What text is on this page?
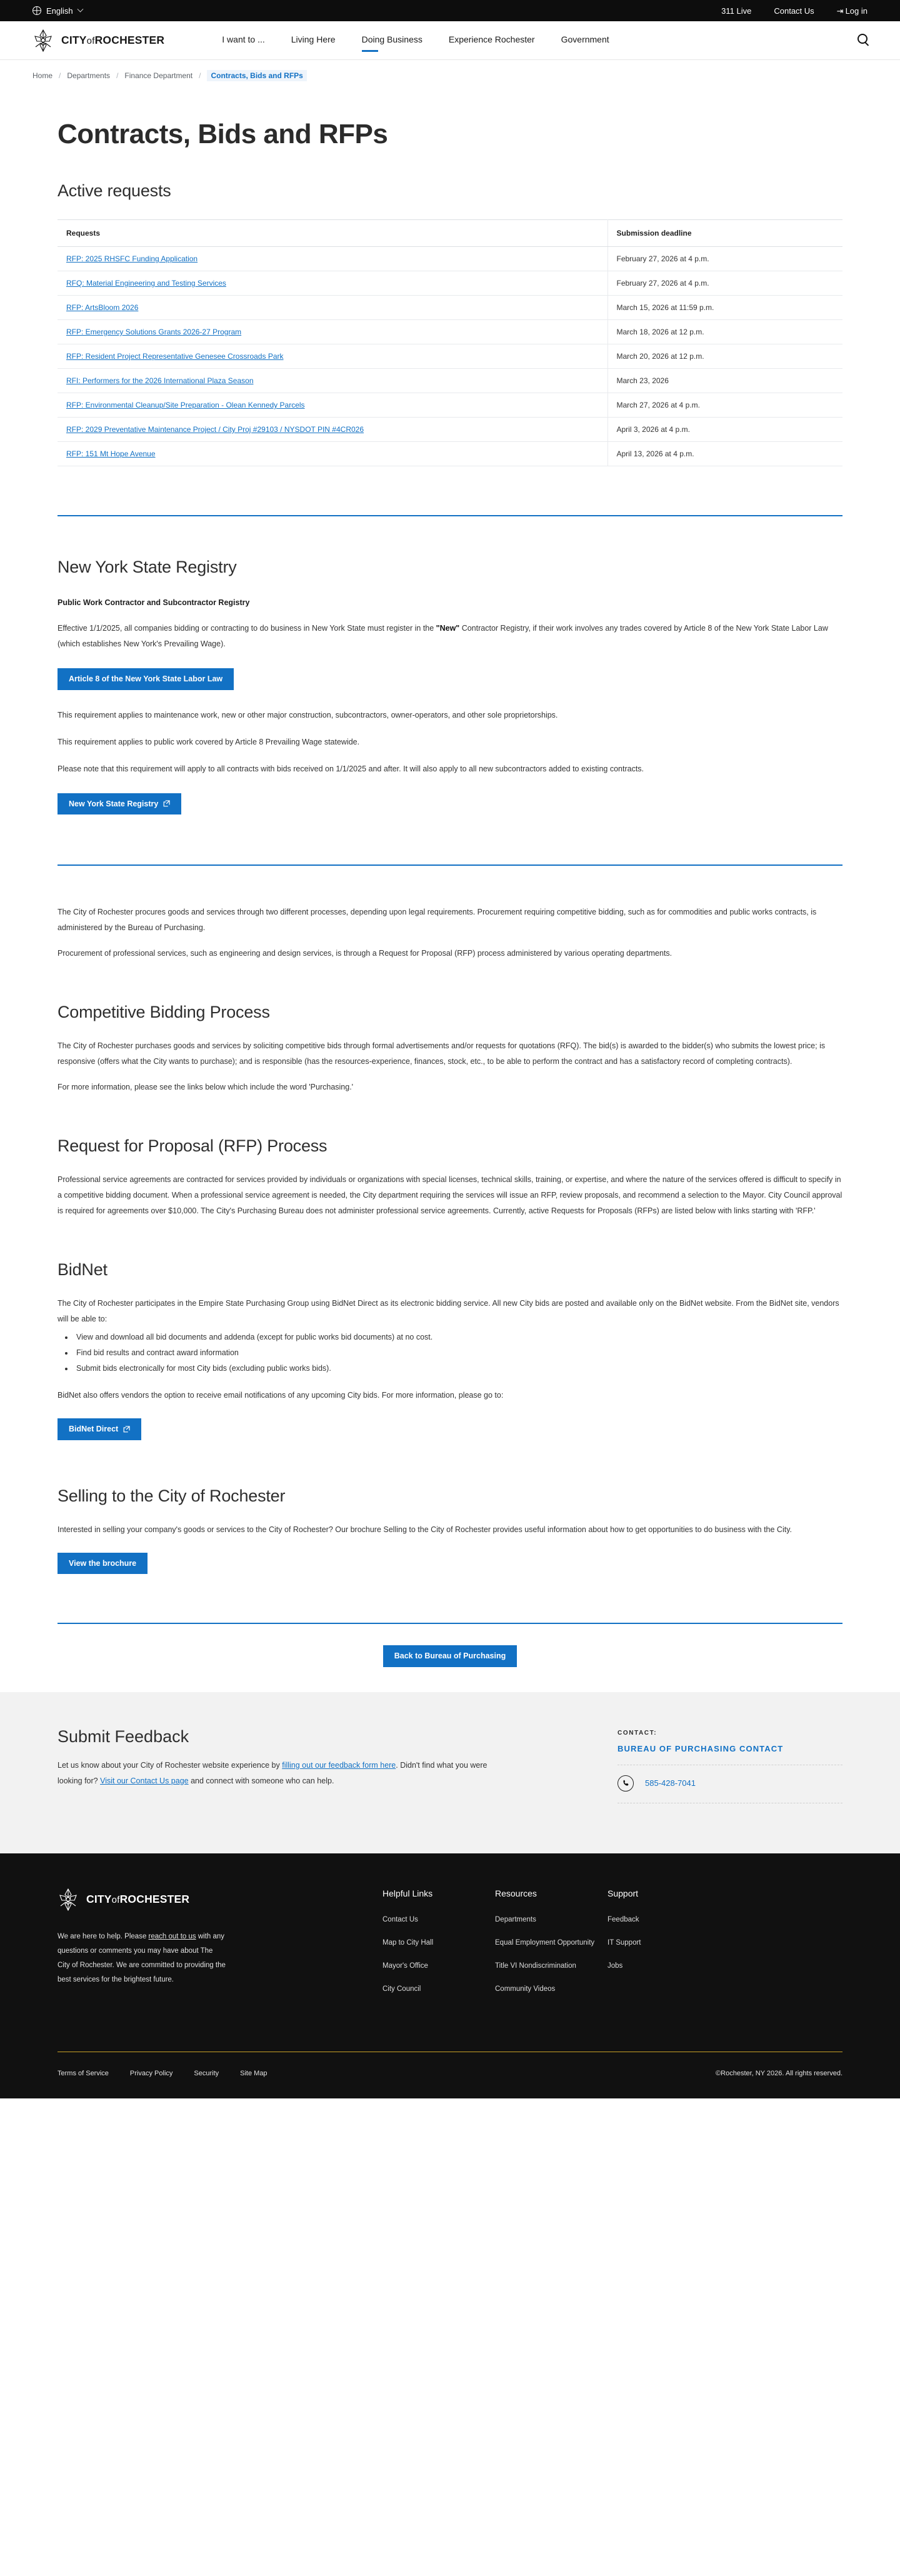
English	311 Live	Contact Us	⇥ Log in
CITYofROCHESTER	I want to ...	Living Here	Doing Business	Experience Rochester	Government
Home / Departments / Finance Department /	Contracts, Bids and RFPs
Contracts, Bids and RFPs
Active requests
Requests	Submission deadline
RFP: 2025 RHSFC Funding Application	February 27, 2026 at 4 p.m.
RFQ: Material Engineering and Testing Services	February 27, 2026 at 4 p.m.
RFP: ArtsBloom 2026	March 15, 2026 at 11:59 p.m.
RFP: Emergency Solutions Grants 2026-27 Program	March 18, 2026 at 12 p.m.
RFP: Resident Project Representative Genesee Crossroads Park	March 20, 2026 at 12 p.m.
RFI: Performers for the 2026 International Plaza Season	March 23, 2026
RFP: Environmental Cleanup/Site Preparation - Olean Kennedy Parcels	March 27, 2026 at 4 p.m.
RFP: 2029 Preventative Maintenance Project / City Proj #29103 / NYSDOT PIN #4CR026	April 3, 2026 at 4 p.m.
RFP: 151 Mt Hope Avenue	April 13, 2026 at 4 p.m.
New York State Registry
Public Work Contractor and Subcontractor Registry

Effective 1/1/2025, all companies bidding or contracting to do business in New York State must register in the "New" Contractor Registry, if their work involves any trades covered by Article 8 of the New York State Labor Law (which establishes New York's Prevailing Wage).

Article 8 of the New York State Labor Law

This requirement applies to maintenance work, new or other major construction, subcontractors, owner-operators, and other sole proprietorships.

This requirement applies to public work covered by Article 8 Prevailing Wage statewide.

Please note that this requirement will apply to all contracts with bids received on 1/1/2025 and after. It will also apply to all new subcontractors added to existing contracts.

New York State Registry

The City of Rochester procures goods and services through two different processes, depending upon legal requirements. Procurement requiring competitive bidding, such as for commodities and public works contracts, is administered by the Bureau of Purchasing.

Procurement of professional services, such as engineering and design services, is through a Request for Proposal (RFP) process administered by various operating departments.

Competitive Bidding Process

The City of Rochester purchases goods and services by soliciting competitive bids through formal advertisements and/or requests for quotations (RFQ). The bid(s) is awarded to the bidder(s) who submits the lowest price; is responsive (offers what the City wants to purchase); and is responsible (has the resources-experience, finances, stock, etc., to be able to perform the contract and has a satisfactory record of completing contracts).

For more information, please see the links below which include the word 'Purchasing.'

Request for Proposal (RFP) Process

Professional service agreements are contracted for services provided by individuals or organizations with special licenses, technical skills, training, or expertise, and where the nature of the services offered is difficult to specify in a competitive bidding document. When a professional service agreement is needed, the City department requiring the services will issue an RFP, review proposals, and recommend a selection to the Mayor. City Council approval is required for agreements over $10,000. The City's Purchasing Bureau does not administer professional service agreements. Currently, active Requests for Proposals (RFPs) are listed below with links starting with 'RFP.'

BidNet

The City of Rochester participates in the Empire State Purchasing Group using BidNet Direct as its electronic bidding service. All new City bids are posted and available only on the BidNet website. From the BidNet site, vendors will be able to:

• View and download all bid documents and addenda (except for public works bid documents) at no cost.
• Find bid results and contract award information
• Submit bids electronically for most City bids (excluding public works bids).

BidNet also offers vendors the option to receive email notifications of any upcoming City bids. For more information, please go to:

BidNet Direct
Selling to the City of Rochester

Interested in selling your company's goods or services to the City of Rochester? Our brochure Selling to the City of Rochester provides useful information about how to get opportunities to do business with the City.

View the brochure
Back to Bureau of Purchasing
Submit Feedback

Let us know about your City of Rochester website experience by filling out our feedback form here. Didn't find what you were looking for? Visit our Contact Us page and connect with someone who can help.

CONTACT:
BUREAU OF PURCHASING CONTACT
585-428-7041
CITYofROCHESTER

We are here to help. Please reach out to us with any questions or comments you may have about The City of Rochester. We are committed to providing the best services for the brightest future.

Helpful Links
Contact Us
Map to City Hall
Mayor's Office
City Council
Resources
Departments
Equal Employment Opportunity
Title VI Nondiscrimination
Community Videos
Support
Feedback
IT Support
Jobs
Terms of Service	Privacy Policy	Security	Site Map	©Rochester, NY 2026. All rights reserved.
